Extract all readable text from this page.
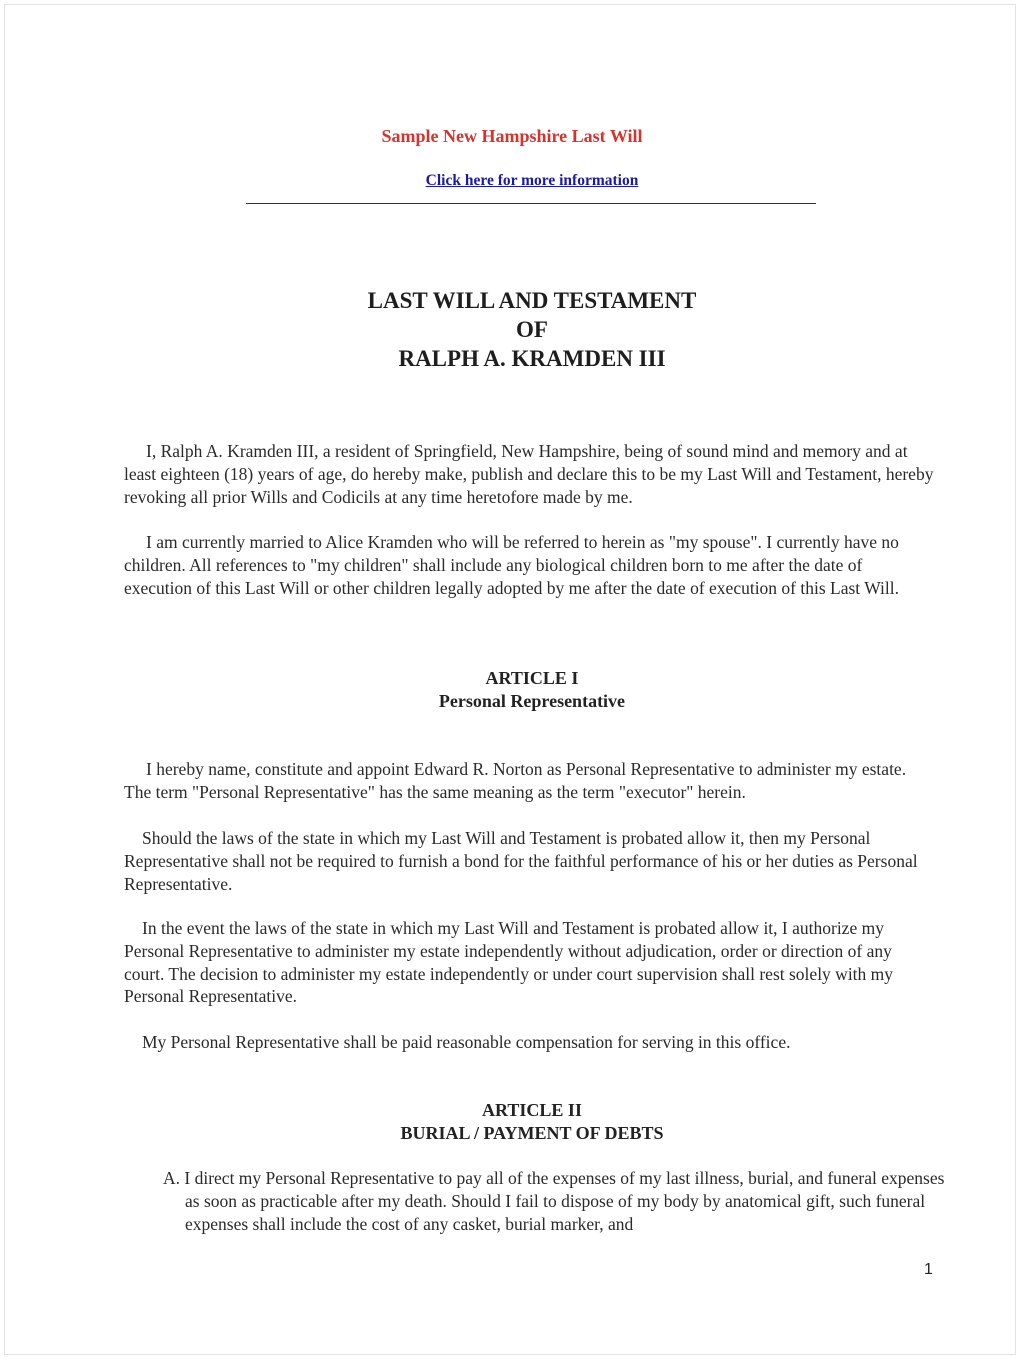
Sample New Hampshire Last Will
Click here for more information
LAST WILL AND TESTAMENT
OF
RALPH A. KRAMDEN III

I, Ralph A. Kramden III, a resident of Springfield, New Hampshire, being of sound mind and memory and at least eighteen (18) years of age, do hereby make, publish and declare this to be my Last Will and Testament, hereby revoking all prior Wills and Codicils at any time heretofore made by me.

I am currently married to Alice Kramden who will be referred to herein as "my spouse". I currently have no children. All references to "my children" shall include any biological children born to me after the date of execution of this Last Will or other children legally adopted by me after the date of execution of this Last Will.

ARTICLE I
Personal Representative

I hereby name, constitute and appoint Edward R. Norton as Personal Representative to administer my estate. The term "Personal Representative" has the same meaning as the term "executor" herein.

Should the laws of the state in which my Last Will and Testament is probated allow it, then my Personal Representative shall not be required to furnish a bond for the faithful performance of his or her duties as Personal Representative.

In the event the laws of the state in which my Last Will and Testament is probated allow it, I authorize my Personal Representative to administer my estate independently without adjudication, order or direction of any court. The decision to administer my estate independently or under court supervision shall rest solely with my Personal Representative.

My Personal Representative shall be paid reasonable compensation for serving in this office.

ARTICLE II
BURIAL / PAYMENT OF DEBTS
A. I direct my Personal Representative to pay all of the expenses of my last illness, burial, and funeral expenses as soon as practicable after my death. Should I fail to dispose of my body by anatomical gift, such funeral expenses shall include the cost of any casket, burial marker, and
1
